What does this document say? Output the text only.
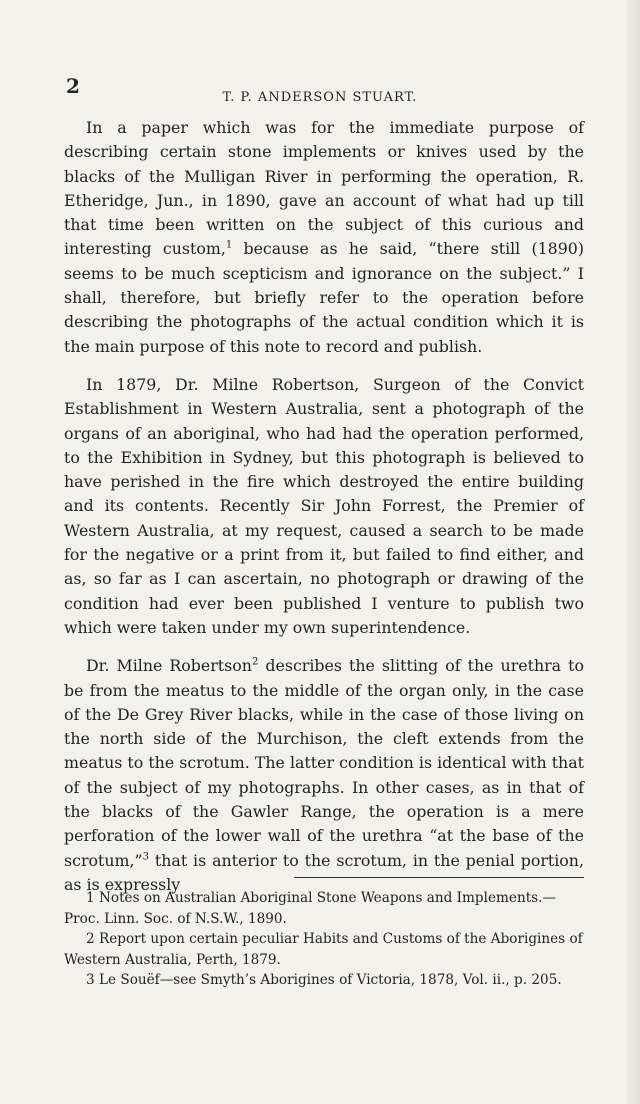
2	T. P. ANDERSON STUART.

In a paper which was for the immediate purpose of describing certain stone implements or knives used by the blacks of the Mulligan River in performing the operation, R. Etheridge, Jun., in 1890, gave an account of what had up till that time been written on the subject of this curious and interesting custom,$^1$ because as he said, “there still (1890) seems to be much scepticism and ignorance on the subject.” I shall, therefore, but briefly refer to the operation before describing the photographs of the actual condition which it is the main purpose of this note to record and publish.

In 1879, Dr. Milne Robertson, Surgeon of the Convict Establishment in Western Australia, sent a photograph of the organs of an aboriginal, who had had the operation performed, to the Exhibition in Sydney, but this photograph is believed to have perished in the fire which destroyed the entire building and its contents. Recently Sir John Forrest, the Premier of Western Australia, at my request, caused a search to be made for the negative or a print from it, but failed to find either, and as, so far as I can ascertain, no photograph or drawing of the condition had ever been published I venture to publish two which were taken under my own superintendence.

Dr. Milne Robertson$^2$ describes the slitting of the urethra to be from the meatus to the middle of the organ only, in the case of the De Grey River blacks, while in the case of those living on the north side of the Murchison, the cleft extends from the meatus to the scrotum. The latter condition is identical with that of the subject of my photographs. In other cases, as in that of the blacks of the Gawler Range, the operation is a mere perforation of the lower wall of the urethra “at the base of the scrotum,”$^3$ that is anterior to the scrotum, in the penial portion, as is expressly

1 Notes on Australian Aboriginal Stone Weapons and Implements.— Proc. Linn. Soc. of N.S.W., 1890.

2 Report upon certain peculiar Habits and Customs of the Aborigines of Western Australia, Perth, 1879.

3 Le Souëf—see Smyth’s Aborigines of Victoria, 1878, Vol. ii., p. 205.
